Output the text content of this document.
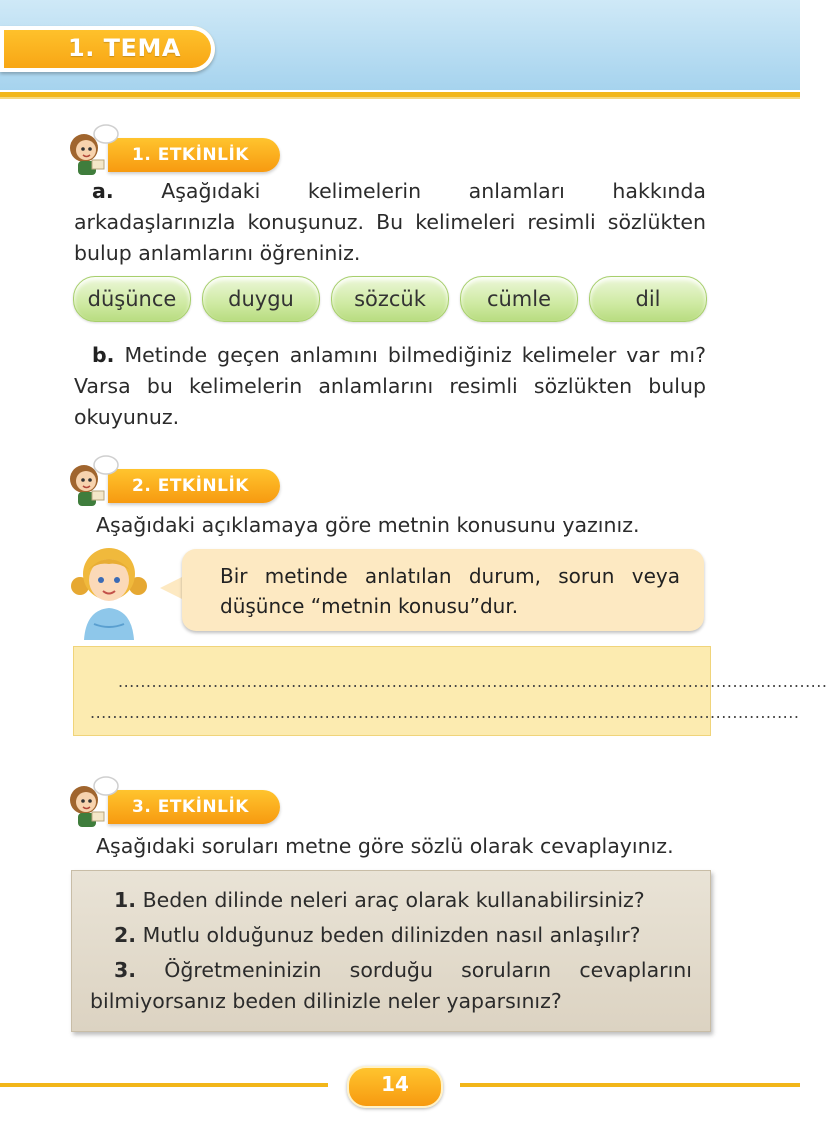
1. TEMA
1. ETKİNLİK
a. Aşağıdaki kelimelerin anlamları hakkında arkadaşlarınızla konuşunuz. Bu kelimeleri resimli sözlükten bulup anlamlarını öğreniniz.
düşünce	duygu	sözcük	cümle	dil
b. Metinde geçen anlamını bilmediğiniz kelimeler var mı? Varsa bu kelimelerin anlamlarını resimli sözlükten bulup okuyunuz.
2. ETKİNLİK
Aşağıdaki açıklamaya göre metnin konusunu yazınız.
Bir metinde anlatılan durum, sorun veya düşünce “metnin konusu”dur.
...............................................................................................................................
...............................................................................................................................
3. ETKİNLİK
Aşağıdaki soruları metne göre sözlü olarak cevaplayınız.
1. Beden dilinde neleri araç olarak kullanabilirsiniz?
2. Mutlu olduğunuz beden dilinizden nasıl anlaşılır?
3. Öğretmeninizin sorduğu soruların cevaplarını bilmiyorsanız beden dilinizle neler yaparsınız?
14
